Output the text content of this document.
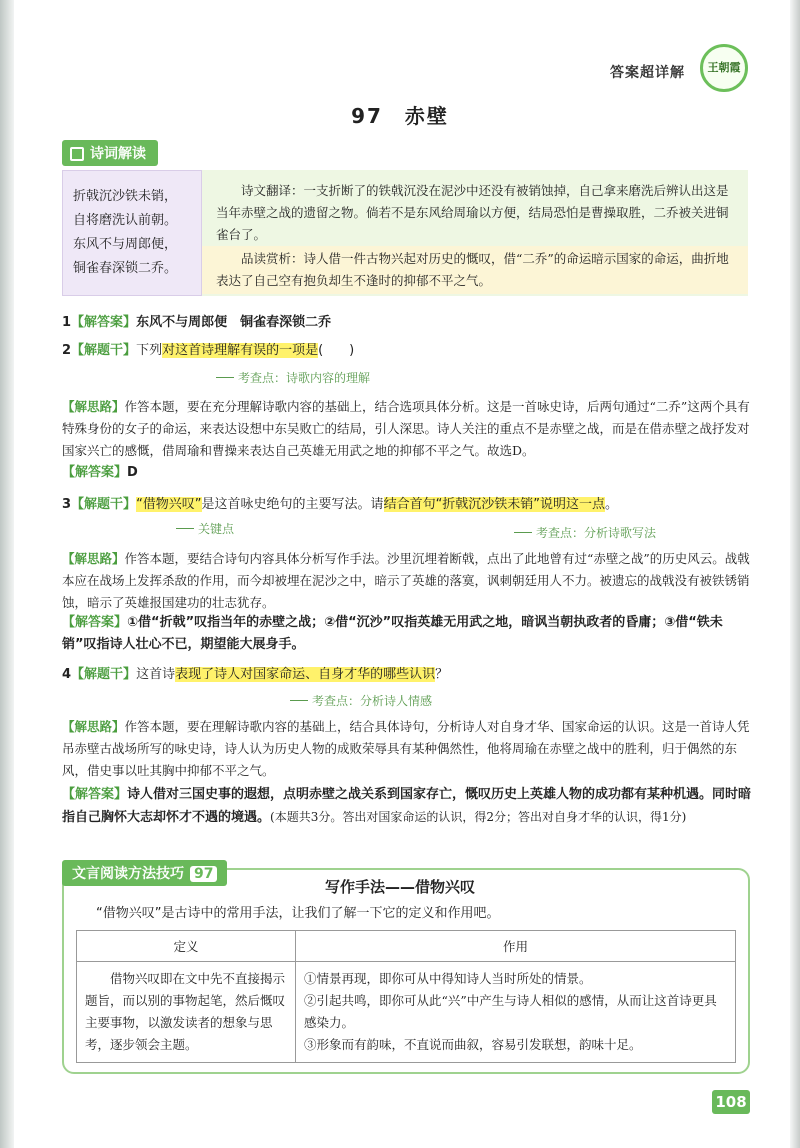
答案超详解	王朝霞
97　赤壁
诗词解读
折戟沉沙铁未销，
自将磨洗认前朝。
东风不与周郎便，
铜雀春深锁二乔。
　　诗文翻译：一支折断了的铁戟沉没在泥沙中还没有被销蚀掉，自己拿来磨洗后辨认出这是当年赤壁之战的遗留之物。倘若不是东风给周瑜以方便，结局恐怕是曹操取胜，二乔被关进铜雀台了。
　　品读赏析：诗人借一件古物兴起对历史的慨叹，借“二乔”的命运暗示国家的命运，曲折地表达了自己空有抱负却生不逢时的抑郁不平之气。
1【解答案】东风不与周郎便　铜雀春深锁二乔
2【解题干】下列对这首诗理解有误的一项是(　　)
考查点：诗歌内容的理解
【解思路】作答本题，要在充分理解诗歌内容的基础上，结合选项具体分析。这是一首咏史诗，后两句通过“二乔”这两个具有特殊身份的女子的命运，来表达设想中东吴败亡的结局，引人深思。诗人关注的重点不是赤壁之战，而是在借赤壁之战抒发对国家兴亡的感慨，借周瑜和曹操来表达自己英雄无用武之地的抑郁不平之气。故选D。
【解答案】D
3【解题干】“借物兴叹”是这首咏史绝句的主要写法。请结合首句“折戟沉沙铁未销”说明这一点。
关键点	考查点：分析诗歌写法
【解思路】作答本题，要结合诗句内容具体分析写作手法。沙里沉埋着断戟，点出了此地曾有过“赤壁之战”的历史风云。战戟本应在战场上发挥杀敌的作用，而今却被埋在泥沙之中，暗示了英雄的落寞，讽刺朝廷用人不力。被遗忘的战戟没有被铁锈销蚀，暗示了英雄报国建功的壮志犹存。
【解答案】①借“折戟”叹指当年的赤壁之战；②借“沉沙”叹指英雄无用武之地，暗讽当朝执政者的昏庸；③借“铁未销”叹指诗人壮心不已，期望能大展身手。
4【解题干】这首诗表现了诗人对国家命运、自身才华的哪些认识？
考查点：分析诗人情感
【解思路】作答本题，要在理解诗歌内容的基础上，结合具体诗句，分析诗人对自身才华、国家命运的认识。这是一首诗人凭吊赤壁古战场所写的咏史诗，诗人认为历史人物的成败荣辱具有某种偶然性，他将周瑜在赤壁之战中的胜利，归于偶然的东风，借史事以吐其胸中抑郁不平之气。
【解答案】诗人借对三国史事的遐想，点明赤壁之战关系到国家存亡，慨叹历史上英雄人物的成功都有某种机遇。同时暗指自己胸怀大志却怀才不遇的境遇。(本题共3分。答出对国家命运的认识，得2分；答出对自身才华的认识，得1分)
文言阅读方法技巧 97
写作手法——借物兴叹
“借物兴叹”是古诗中的常用手法，让我们了解一下它的定义和作用吧。
定义	作用
　　借物兴叹即在文中先不直接揭示题旨，而以别的事物起笔，然后慨叹主要事物，以激发读者的想象与思考，逐步领会主题。	①情景再现，即你可从中得知诗人当时所处的情景。
②引起共鸣，即你可从此“兴”中产生与诗人相似的感情，从而让这首诗更具感染力。
③形象而有韵味，不直说而曲叙，容易引发联想，韵味十足。
108
